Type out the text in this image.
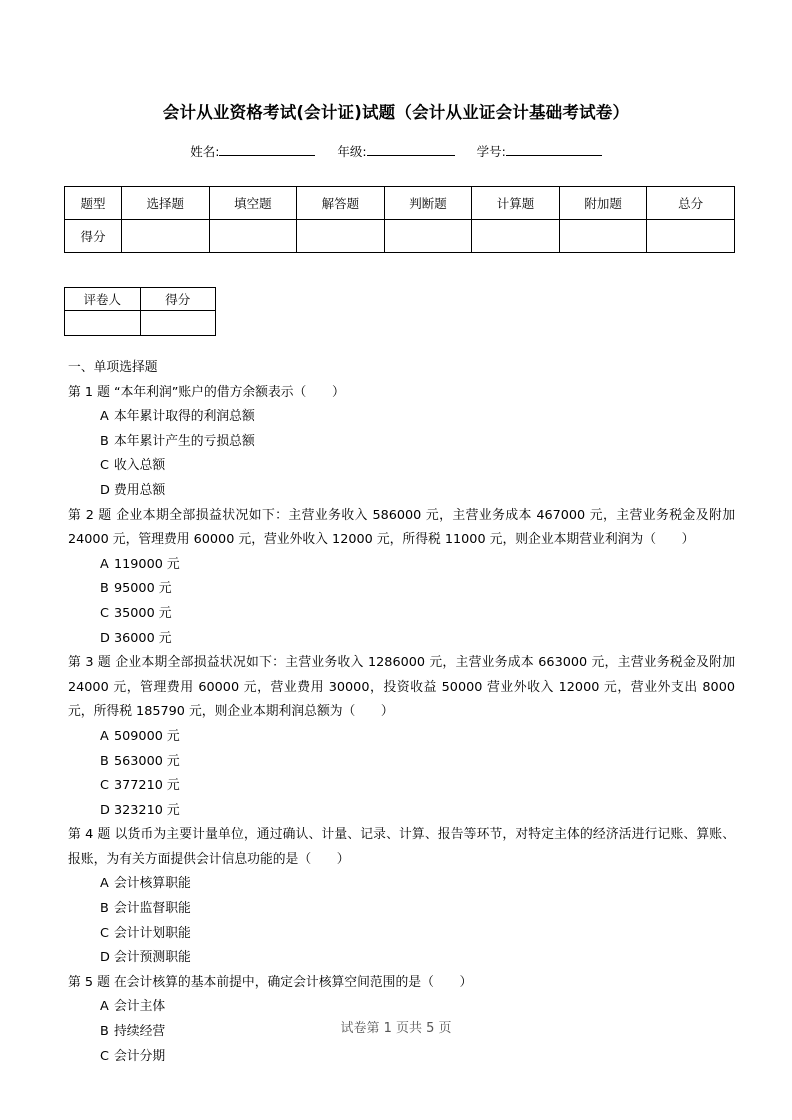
会计从业资格考试(会计证)试题（会计从业证会计基础考试卷）
姓名:	年级:	学号:
题型	选择题	填空题	解答题	判断题	计算题	附加题	总分
得分							
评卷人	得分

一、单项选择题
第 1 题 “本年利润”账户的借方余额表示（　　）
A 本年累计取得的利润总额
B 本年累计产生的亏损总额
C 收入总额
D 费用总额
第 2 题 企业本期全部损益状况如下：主营业务收入 586000 元，主营业务成本 467000 元，主营业务税金及附加 24000 元，管理费用 60000 元，营业外收入 12000 元，所得税 11000 元，则企业本期营业利润为（　　）
A 119000 元
B 95000 元
C 35000 元
D 36000 元
第 3 题 企业本期全部损益状况如下：主营业务收入 1286000 元，主营业务成本 663000 元，主营业务税金及附加 24000 元，管理费用 60000 元，营业费用 30000，投资收益 50000 营业外收入 12000 元，营业外支出 8000 元，所得税 185790 元，则企业本期利润总额为（　　）
A 509000 元
B 563000 元
C 377210 元
D 323210 元
第 4 题 以货币为主要计量单位，通过确认、计量、记录、计算、报告等环节，对特定主体的经济活进行记账、算账、报账，为有关方面提供会计信息功能的是（　　）
A 会计核算职能
B 会计监督职能
C 会计计划职能
D 会计预测职能
第 5 题 在会计核算的基本前提中，确定会计核算空间范围的是（　　）
A 会计主体
B 持续经营
C 会计分期
试卷第 1 页共 5 页
